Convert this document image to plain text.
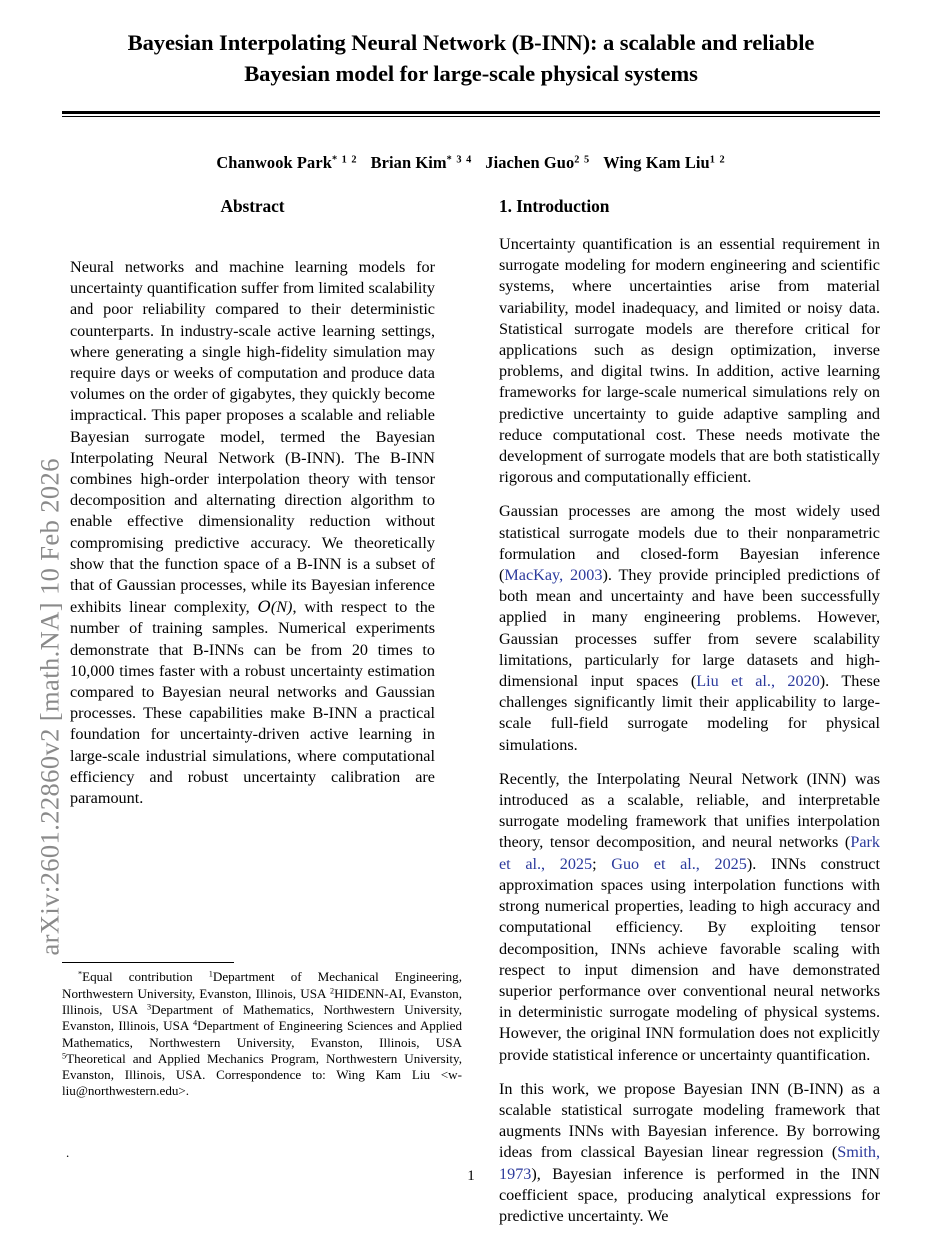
arXiv:2601.22860v2 [math.NA] 10 Feb 2026
Bayesian Interpolating Neural Network (B-INN): a scalable and reliable
Bayesian model for large-scale physical systems
Chanwook Park$^{* 1 2}$ Brian Kim$^{* 3 4}$ Jiachen Guo$^{2 5}$ Wing Kam Liu$^{1 2}$
Abstract

Neural networks and machine learning models for uncertainty quantification suffer from limited scalability and poor reliability compared to their deterministic counterparts. In industry-scale active learning settings, where generating a single high-fidelity simulation may require days or weeks of computation and produce data volumes on the order of gigabytes, they quickly become impractical. This paper proposes a scalable and reliable Bayesian surrogate model, termed the Bayesian Interpolating Neural Network (B-INN). The B-INN combines high-order interpolation theory with tensor decomposition and alternating direction algorithm to enable effective dimensionality reduction without compromising predictive accuracy. We theoretically show that the function space of a B-INN is a subset of that of Gaussian processes, while its Bayesian inference exhibits linear complexity, O(N), with respect to the number of training samples. Numerical experiments demonstrate that B-INNs can be from 20 times to 10,000 times faster with a robust uncertainty estimation compared to Bayesian neural networks and Gaussian processes. These capabilities make B-INN a practical foundation for uncertainty-driven active learning in large-scale industrial simulations, where computational efficiency and robust uncertainty calibration are paramount.

1. Introduction

Uncertainty quantification is an essential requirement in surrogate modeling for modern engineering and scientific systems, where uncertainties arise from material variability, model inadequacy, and limited or noisy data. Statistical surrogate models are therefore critical for applications such as design optimization, inverse problems, and digital twins. In addition, active learning frameworks for large-scale numerical simulations rely on predictive uncertainty to guide adaptive sampling and reduce computational cost. These needs motivate the development of surrogate models that are both statistically rigorous and computationally efficient.

Gaussian processes are among the most widely used statistical surrogate models due to their nonparametric formulation and closed-form Bayesian inference (MacKay, 2003). They provide principled predictions of both mean and uncertainty and have been successfully applied in many engineering problems. However, Gaussian processes suffer from severe scalability limitations, particularly for large datasets and high-dimensional input spaces (Liu et al., 2020). These challenges significantly limit their applicability to large-scale full-field surrogate modeling for physical simulations.

Recently, the Interpolating Neural Network (INN) was introduced as a scalable, reliable, and interpretable surrogate modeling framework that unifies interpolation theory, tensor decomposition, and neural networks (Park et al., 2025; Guo et al., 2025). INNs construct approximation spaces using interpolation functions with strong numerical properties, leading to high accuracy and computational efficiency. By exploiting tensor decomposition, INNs achieve favorable scaling with respect to input dimension and have demonstrated superior performance over conventional neural networks in deterministic surrogate modeling of physical systems. However, the original INN formulation does not explicitly provide statistical inference or uncertainty quantification.

In this work, we propose Bayesian INN (B-INN) as a scalable statistical surrogate modeling framework that augments INNs with Bayesian inference. By borrowing ideas from classical Bayesian linear regression (Smith, 1973), Bayesian inference is performed in the INN coefficient space, producing analytical expressions for predictive uncertainty. We

*Equal contribution $^1$Department of Mechanical Engineering, Northwestern University, Evanston, Illinois, USA $^2$HIDENN-AI, Evanston, Illinois, USA $^3$Department of Mathematics, Northwestern University, Evanston, Illinois, USA $^4$Department of Engineering Sciences and Applied Mathematics, Northwestern University, Evanston, Illinois, USA $^5$Theoretical and Applied Mechanics Program, Northwestern University, Evanston, Illinois, USA. Correspondence to: Wing Kam Liu <w-liu@northwestern.edu>.

.
1
